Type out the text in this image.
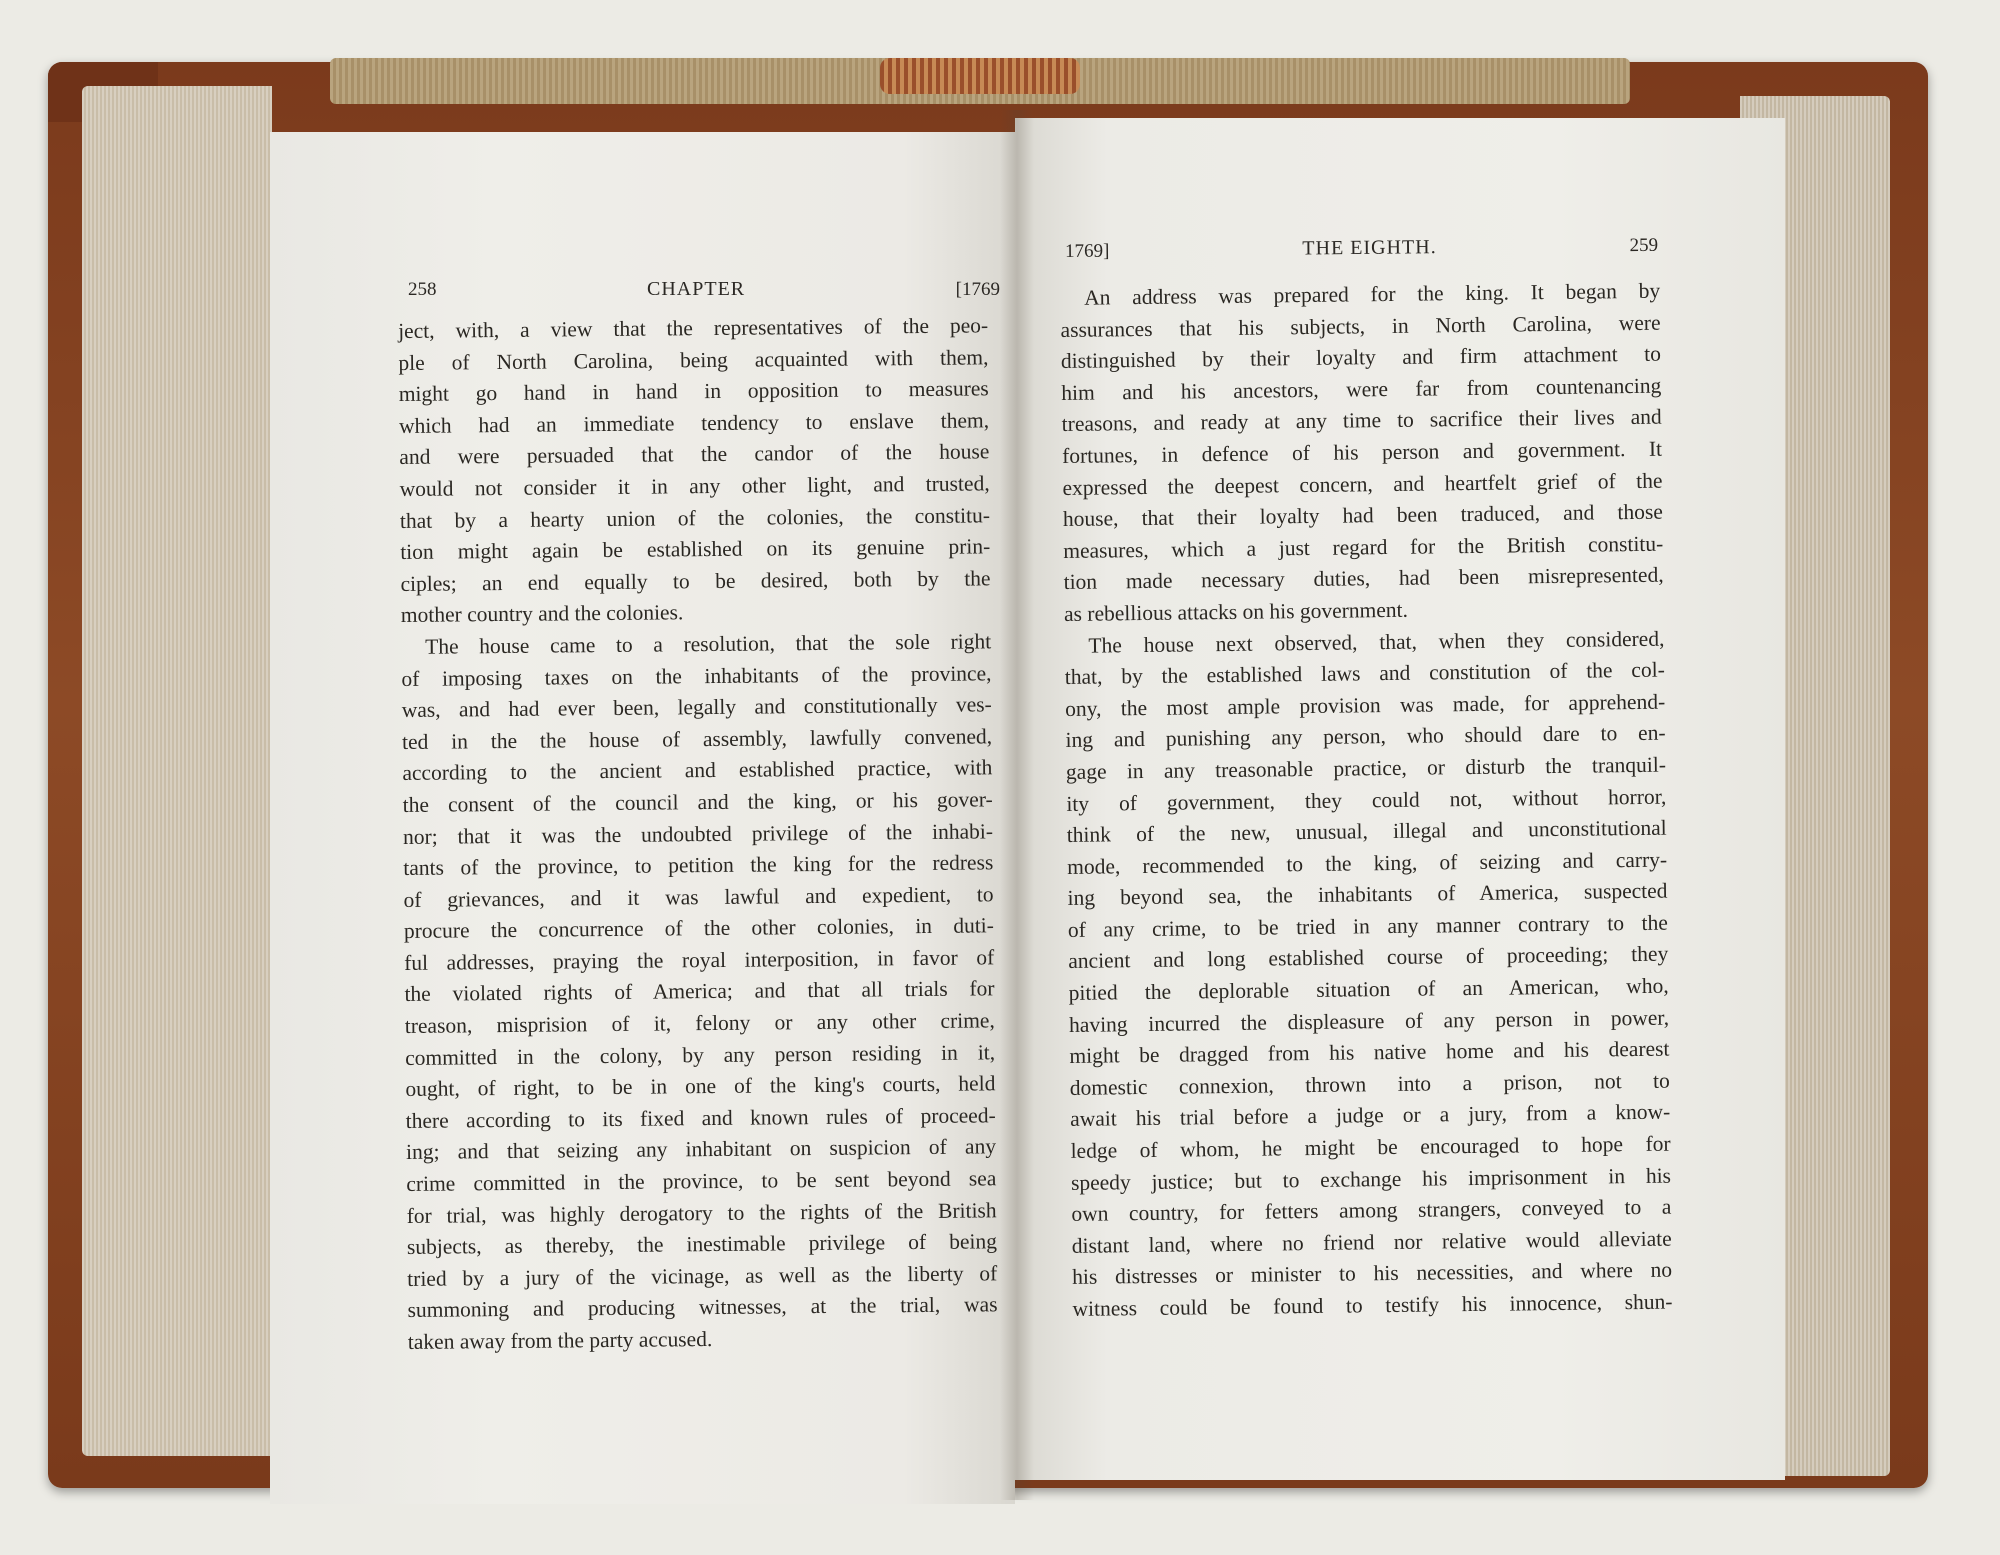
258	CHAPTER	[1769
1769]	THE EIGHTH.	259
ject, with, a view that the representatives of the peo-
ple of North Carolina, being acquainted with them,
might go hand in hand in opposition to measures
which had an immediate tendency to enslave them,
and were persuaded that the candor of the house
would not consider it in any other light, and trusted,
that by a hearty union of the colonies, the constitu-
tion might again be established on its genuine prin-
ciples; an end equally to be desired, both by the
mother country and the colonies.
The house came to a resolution, that the sole right
of imposing taxes on the inhabitants of the province,
was, and had ever been, legally and constitutionally ves-
ted in the the house of assembly, lawfully convened,
according to the ancient and established practice, with
the consent of the council and the king, or his gover-
nor; that it was the undoubted privilege of the inhabi-
tants of the province, to petition the king for the redress
of grievances, and it was lawful and expedient, to
procure the concurrence of the other colonies, in duti-
ful addresses, praying the royal interposition, in favor of
the violated rights of America; and that all trials for
treason, misprision of it, felony or any other crime,
committed in the colony, by any person residing in it,
ought, of right, to be in one of the king's courts, held
there according to its fixed and known rules of proceed-
ing; and that seizing any inhabitant on suspicion of any
crime committed in the province, to be sent beyond sea
for trial, was highly derogatory to the rights of the British
subjects, as thereby, the inestimable privilege of being
tried by a jury of the vicinage, as well as the liberty of
summoning and producing witnesses, at the trial, was
taken away from the party accused.
An address was prepared for the king. It began by
assurances that his subjects, in North Carolina, were
distinguished by their loyalty and firm attachment to
him and his ancestors, were far from countenancing
treasons, and ready at any time to sacrifice their lives and
fortunes, in defence of his person and government. It
expressed the deepest concern, and heartfelt grief of the
house, that their loyalty had been traduced, and those
measures, which a just regard for the British constitu-
tion made necessary duties, had been misrepresented,
as rebellious attacks on his government.
The house next observed, that, when they considered,
that, by the established laws and constitution of the col-
ony, the most ample provision was made, for apprehend-
ing and punishing any person, who should dare to en-
gage in any treasonable practice, or disturb the tranquil-
ity of government, they could not, without horror,
think of the new, unusual, illegal and unconstitutional
mode, recommended to the king, of seizing and carry-
ing beyond sea, the inhabitants of America, suspected
of any crime, to be tried in any manner contrary to the
ancient and long established course of proceeding; they
pitied the deplorable situation of an American, who,
having incurred the displeasure of any person in power,
might be dragged from his native home and his dearest
domestic connexion, thrown into a prison, not to
await his trial before a judge or a jury, from a know-
ledge of whom, he might be encouraged to hope for
speedy justice; but to exchange his imprisonment in his
own country, for fetters among strangers, conveyed to a
distant land, where no friend nor relative would alleviate
his distresses or minister to his necessities, and where no
witness could be found to testify his innocence, shun-
